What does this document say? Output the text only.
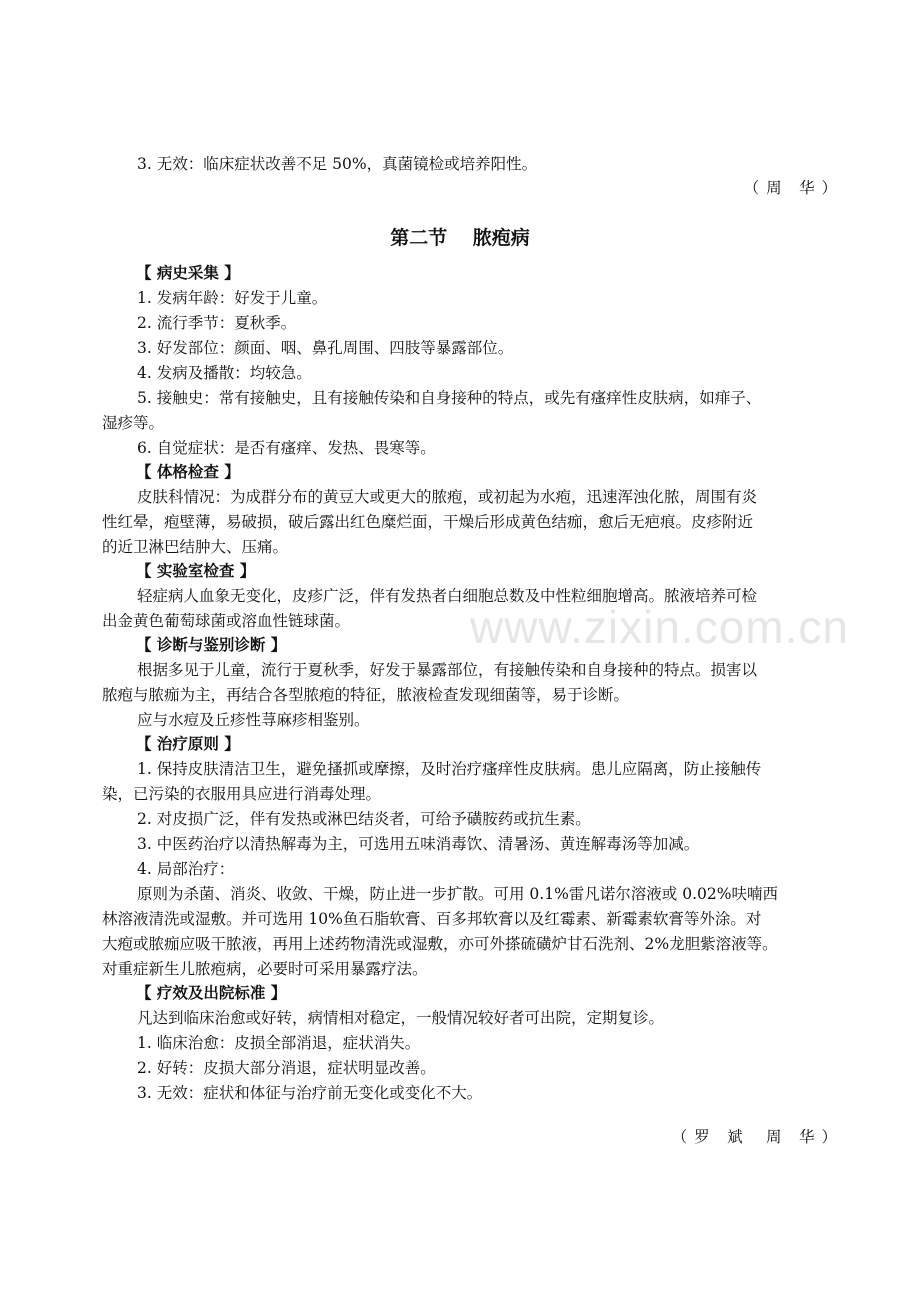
www.zixin.com.cn
3. 无效：临床症状改善不足 50%，真菌镜检或培养阳性。
（ 周　华 ）
第二节　 脓疱病
【 病史采集 】
1. 发病年龄：好发于儿童。
2. 流行季节：夏秋季。
3. 好发部位：颜面、咽、鼻孔周围、四肢等暴露部位。
4. 发病及播散：均较急。
5. 接触史：常有接触史，且有接触传染和自身接种的特点，或先有瘙痒性皮肤病，如痱子、
湿疹等。
6. 自觉症状：是否有瘙痒、发热、畏寒等。
【 体格检查 】
皮肤科情况：为成群分布的黄豆大或更大的脓疱，或初起为水疱，迅速浑浊化脓，周围有炎
性红晕，疱壁薄，易破损，破后露出红色糜烂面，干燥后形成黄色结痂，愈后无疤痕。皮疹附近
的近卫淋巴结肿大、压痛。
【 实验室检查 】
轻症病人血象无变化，皮疹广泛，伴有发热者白细胞总数及中性粒细胞增高。脓液培养可检
出金黄色葡萄球菌或溶血性链球菌。
【 诊断与鉴别诊断 】
根据多见于儿童，流行于夏秋季，好发于暴露部位，有接触传染和自身接种的特点。损害以
脓疱与脓痂为主，再结合各型脓疱的特征，脓液检查发现细菌等，易于诊断。
应与水痘及丘疹性荨麻疹相鉴别。
【 治疗原则 】
1. 保持皮肤清洁卫生，避免搔抓或摩擦，及时治疗瘙痒性皮肤病。患儿应隔离，防止接触传
染，已污染的衣服用具应进行消毒处理。
2. 对皮损广泛，伴有发热或淋巴结炎者，可给予磺胺药或抗生素。
3. 中医药治疗以清热解毒为主，可选用五味消毒饮、清暑汤、黄连解毒汤等加减。
4. 局部治疗：
原则为杀菌、消炎、收敛、干燥，防止进一步扩散。可用 0.1%雷凡诺尔溶液或 0.02%呋喃西
林溶液清洗或湿敷。并可选用 10%鱼石脂软膏、百多邦软膏以及红霉素、新霉素软膏等外涂。对
大疱或脓痂应吸干脓液，再用上述药物清洗或湿敷，亦可外搽硫磺炉甘石洗剂、2%龙胆紫溶液等。
对重症新生儿脓疱病，必要时可采用暴露疗法。
【 疗效及出院标准 】
凡达到临床治愈或好转，病情相对稳定，一般情况较好者可出院，定期复诊。
1. 临床治愈：皮损全部消退，症状消失。
2. 好转：皮损大部分消退，症状明显改善。
3. 无效：症状和体征与治疗前无变化或变化不大。
（ 罗　斌　 周　华 ）
